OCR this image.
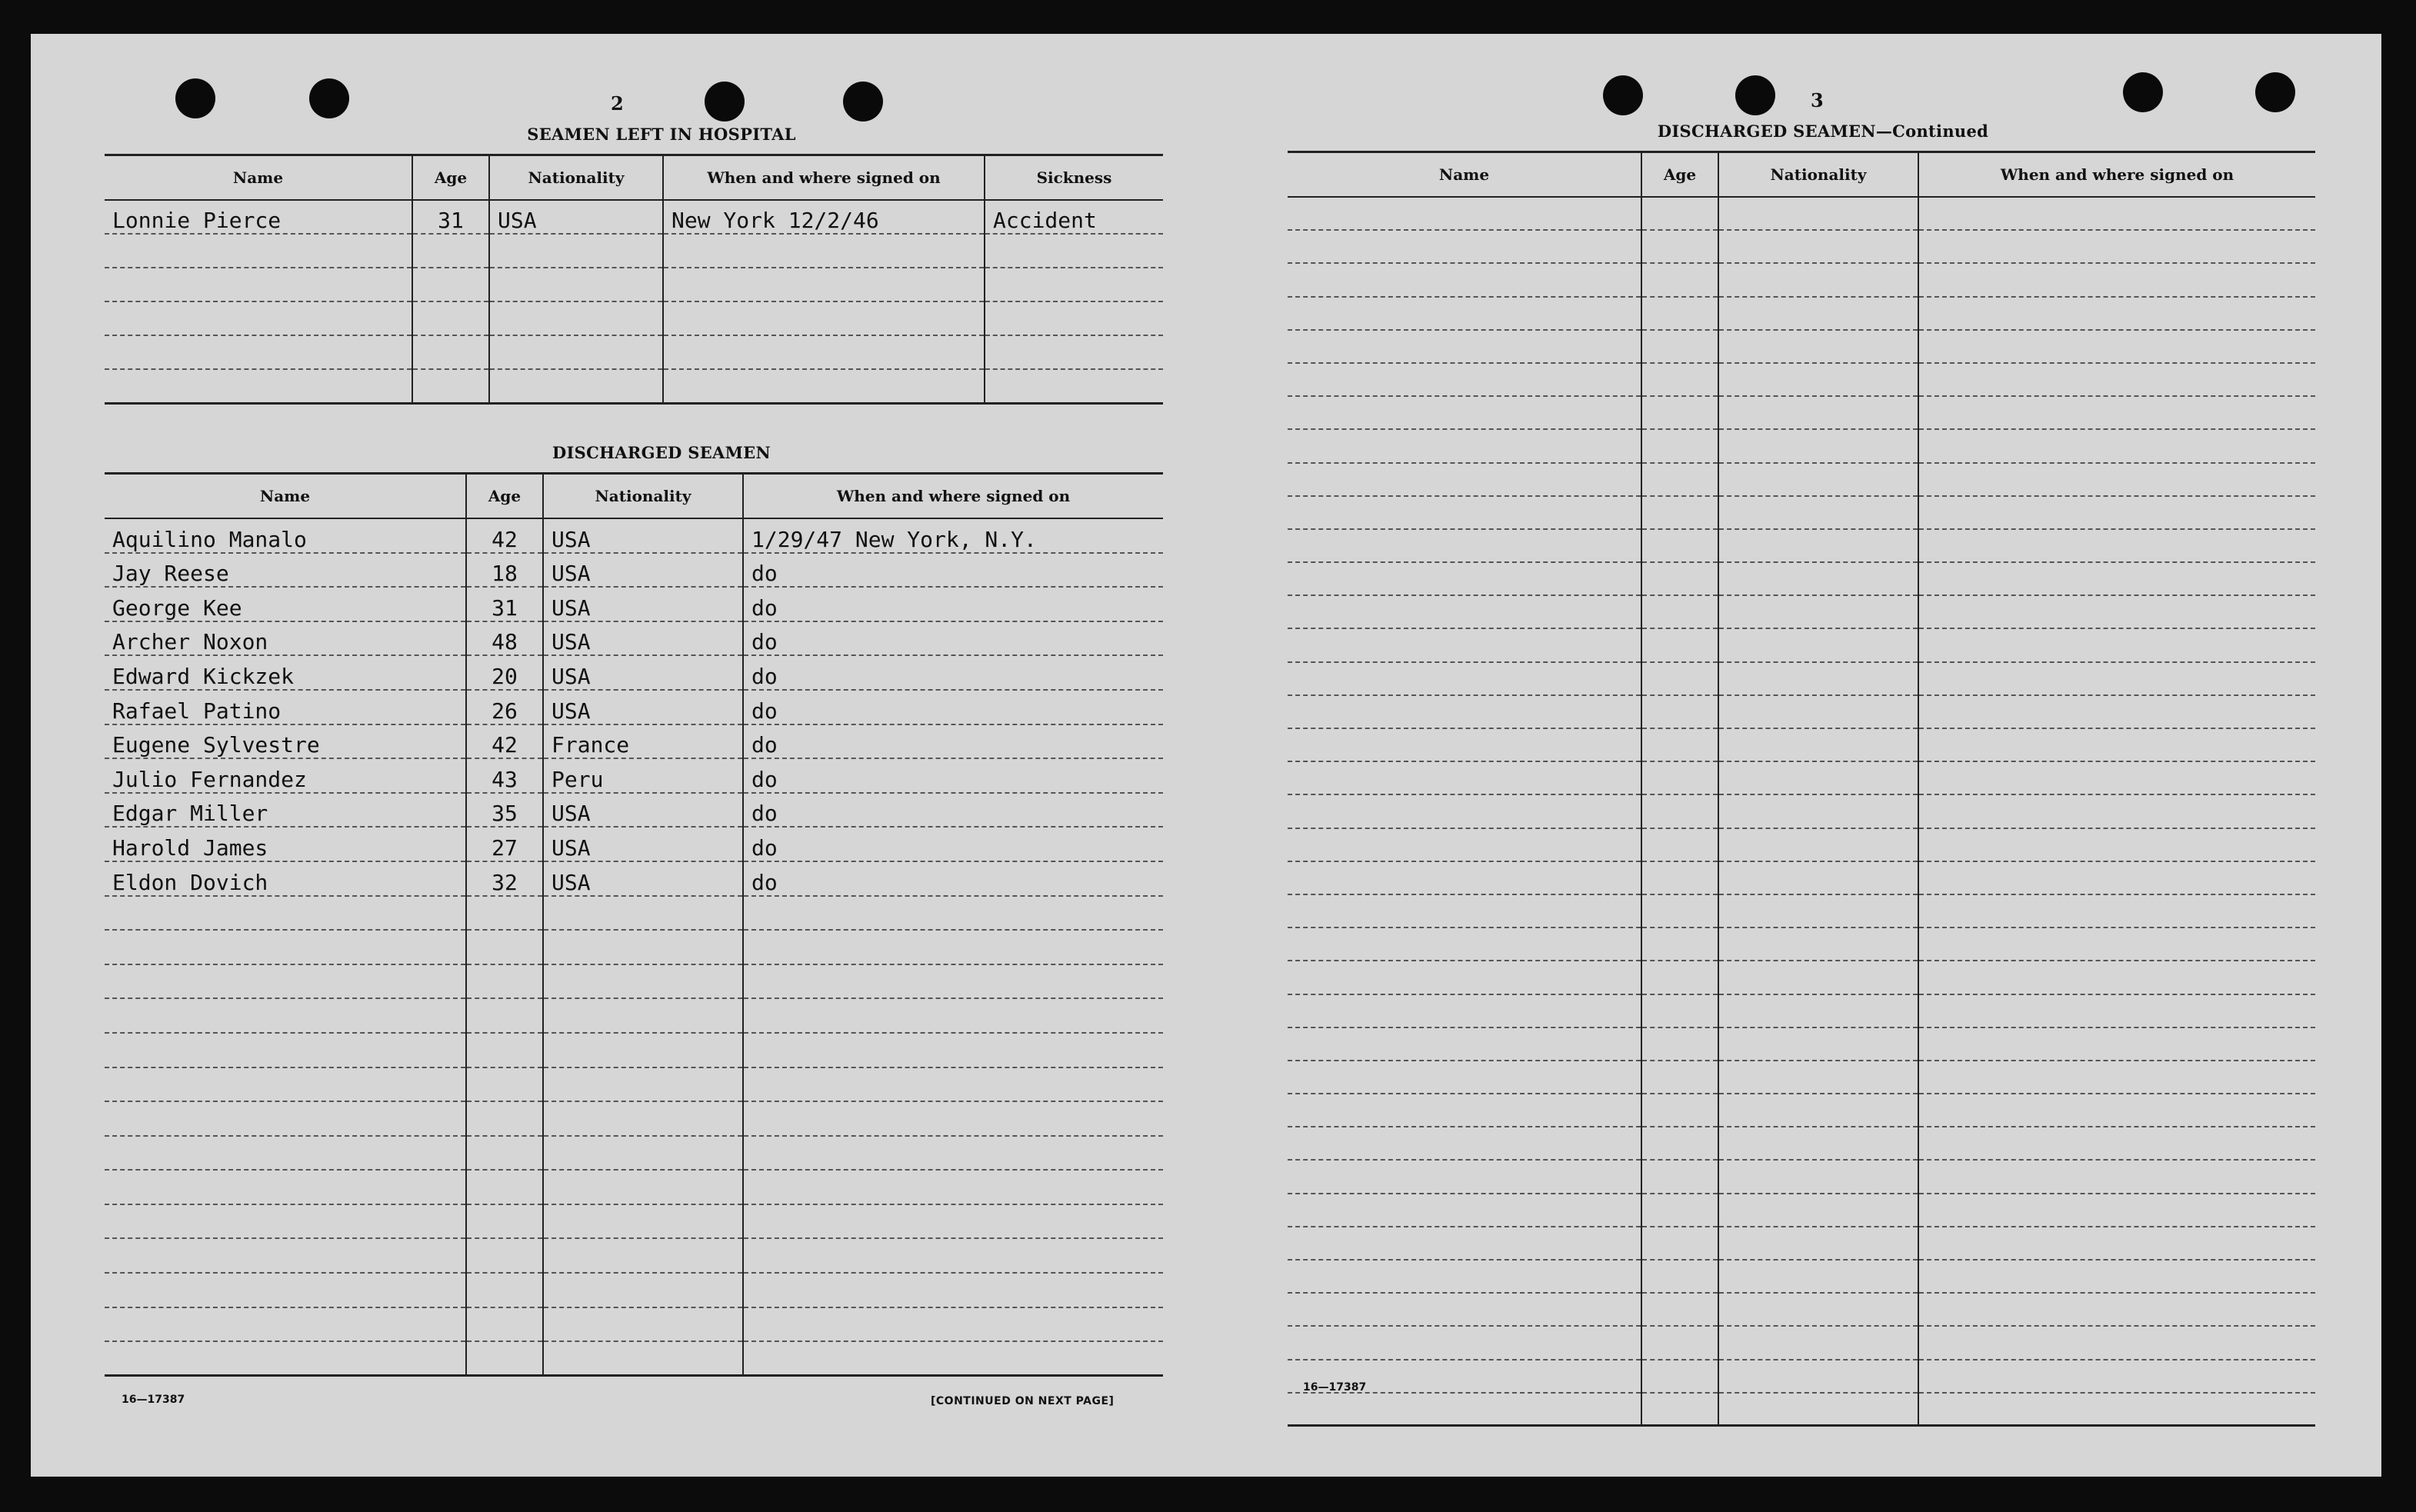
2
SEAMEN LEFT IN HOSPITAL
Name	Age	Nationality	When and where signed on	Sickness
Lonnie Pierce	31	USA	New York 12/2/46	Accident

DISCHARGED SEAMEN
Name	Age	Nationality	When and where signed on
Aquilino Manalo	42	USA	1/29/47 New York, N.Y.
Jay Reese	18	USA	do
George Kee	31	USA	do
Archer Noxon	48	USA	do
Edward Kickzek	20	USA	do
Rafael Patino	26	USA	do
Eugene Sylvestre	42	France	do
Julio Fernandez	43	Peru	do
Edgar Miller	35	USA	do
Harold James	27	USA	do
Eldon Dovich	32	USA	do

16—17387	[CONTINUED ON NEXT PAGE]
3
DISCHARGED SEAMEN—Continued
Name	Age	Nationality	When and where signed on

16—17387
